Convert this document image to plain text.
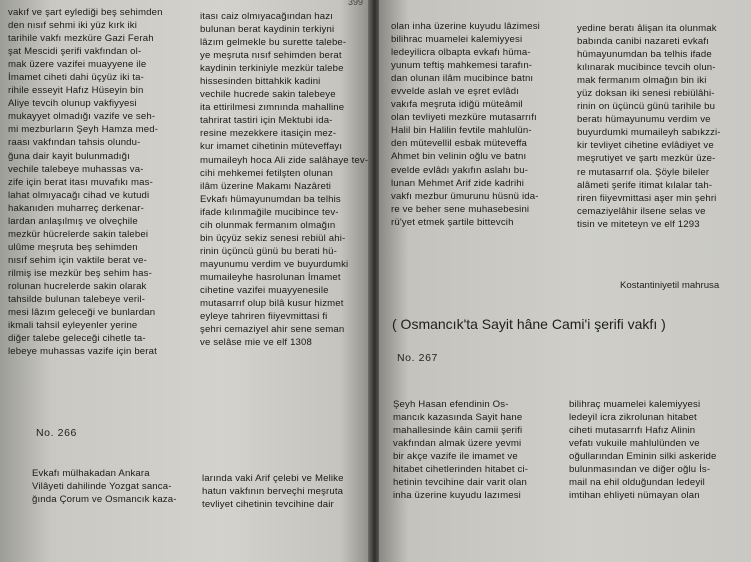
399

vakıf ve şart eylediği beş sehimden

den nısıf sehmi iki yüz kırk iki

tarihile vakfı mezküre Gazi Ferah

şat Mescidi şerifi vakfından ol-

mak üzere vazifei muayyene ile

İmamet ciheti dahi üçyüz iki ta-

rihile esseyit Hafız Hüseyin bin

Aliye tevcih olunup vakfiyyesi

mukayyet olmadığı vazife ve seh-

mi mezburların Şeyh Hamza med-

raası vakfından tahsis olundu-

ğuna dair kayit bulunmadığı

vechile talebeye muhassas va-

zife için berat itası muvafıkı mas-

lahat olmıyacağı cihad ve kutudi

hakanıden muharreç derkenar-

lardan anlaşılmış ve olveçhile

mezkür hücrelerde sakin talebei

ulûme meşruta beş sehimden

nısıf sehim için vaktile berat ve-

rilmiş ise mezkür beş sehim has-

rolunan hucrelerde sakin olarak

tahsilde bulunan talebeye veril-

mesi lâzım geleceği ve bunlardan

ikmali tahsil eyleyenler yerine

diğer talebe geleceği cihetle ta-

lebeye muhassas vazife için berat

itası caiz olmıyacağından hazı

bulunan berat kaydinin terkiyni

lâzım gelmekle bu surette talebe-

ye meşruta nısıf sehimden berat

kaydinin terkiniyle mezkür talebe

hissesinden bittahkik kadini

vechile hucrede sakin talebeye

ita ettirilmesi zımnında mahalline

tahrirat tastiri için Mektubi ida-

resine mezekkere itasiçin mez-

kur imamet cihetinin müteveffayı

mumaileyh hoca Ali zide salâhaye tev-

cihi mehkemei fetilşten olunan

ilâm üzerine Makamı Nazâreti

Evkafı hümayunumdan ba telhis

ifade kılınmağile mucibince tev-

cih olunmak fermanım olmağın

bin üçyüz sekiz senesi rebiül ahi-

rinin üçüncü günü bu berati hü-

mayunumu verdim ve buyurdumki

mumaileyhe hasrolunan İmamet

cihetine vazifei muayyenesile

mutasarrıf olup bilâ kusur hizmet

eyleye tahriren fiiyevmittasi fi

şehri cemaziyel ahir sene seman

ve selâse mie ve elf 1308

No. 266

Evkafı mülhakadan Ankara

Vilâyeti dahilinde Yozgat sanca-

ğında Çorum ve Osmancık kaza-

larında vaki Arif çelebi ve Melike

hatun vakfının berveçhi meşruta

tevliyet cihetinin tevcihine dair

olan inha üzerine kuyudu lâzimesi

bilihrac muamelei kalemiyyesi

ledeyilicra olbapta evkafı hüma-

yunum teftiş mahkemesi tarafın-

dan olunan ilâm mucibince batnı

evvelde aslah ve eşret evlâdı

vakıfa meşruta idiğü müteâmil

olan tevliyeti mezküre mutasarrıfı

Halil bin Halilin fevtile mahlulün-

den mütevellil esbak müteveffa

Ahmet bin velinin oğlu ve batnı

evelde evlâdı yakıfın aslahı bu-

lunan Mehmet Arif zide kadrihi

vakfı mezbur ümurunu hüsnü ida-

re ve beher sene muhasebesini

rü'yet etmek şartile bittevcih

yedine beratı âlişan ita olunmak

babında canibi nazareti evkafı

hümayunumdan ba telhis ifade

kılınarak mucibince tevcih olun-

mak fermanım olmağın bin iki

yüz doksan iki senesi rebiülâhi-

rinin on üçüncü günü tarihile bu

beratı hümayunumu verdim ve

buyurdumki mumaileyh sabıkzzi-

kir tevliyet cihetine evlâdiyet ve

meşrutiyet ve şartı mezkür üze-

re mutasarrıf ola. Şöyle bileler

alâmeti şerife itimat kılalar tah-

riren fiiyevmittasi aşer min şehri

cemaziyelâhir ilsene selas ve

tisin ve miteteyn ve elf 1293

Kostantiniyetil mahrusa
( Osmancık'ta Sayit hâne Cami'i şerifi vakfı )
No. 267

Şeyh Hasan efendinin Os-

mancık kazasında Sayit hane

mahallesinde kâin camii şerifi

vakfından almak üzere yevmi

bir akçe vazife ile imamet ve

hitabet cihetlerinden hitabet ci-

hetinin tevcihine dair varit olan

inha üzerine kuyudu lazımesi

bilihraç muamelei kalemiyyesi

ledeyil icra zikrolunan hitabet

ciheti mutasarrıfı Hafız Alinin

vefatı vukuile mahlulünden ve

oğullarından Eminin silki askeride

bulunmasından ve diğer oğlu İs-

mail na ehil olduğundan ledeyil

imtihan ehliyeti nümayan olan
